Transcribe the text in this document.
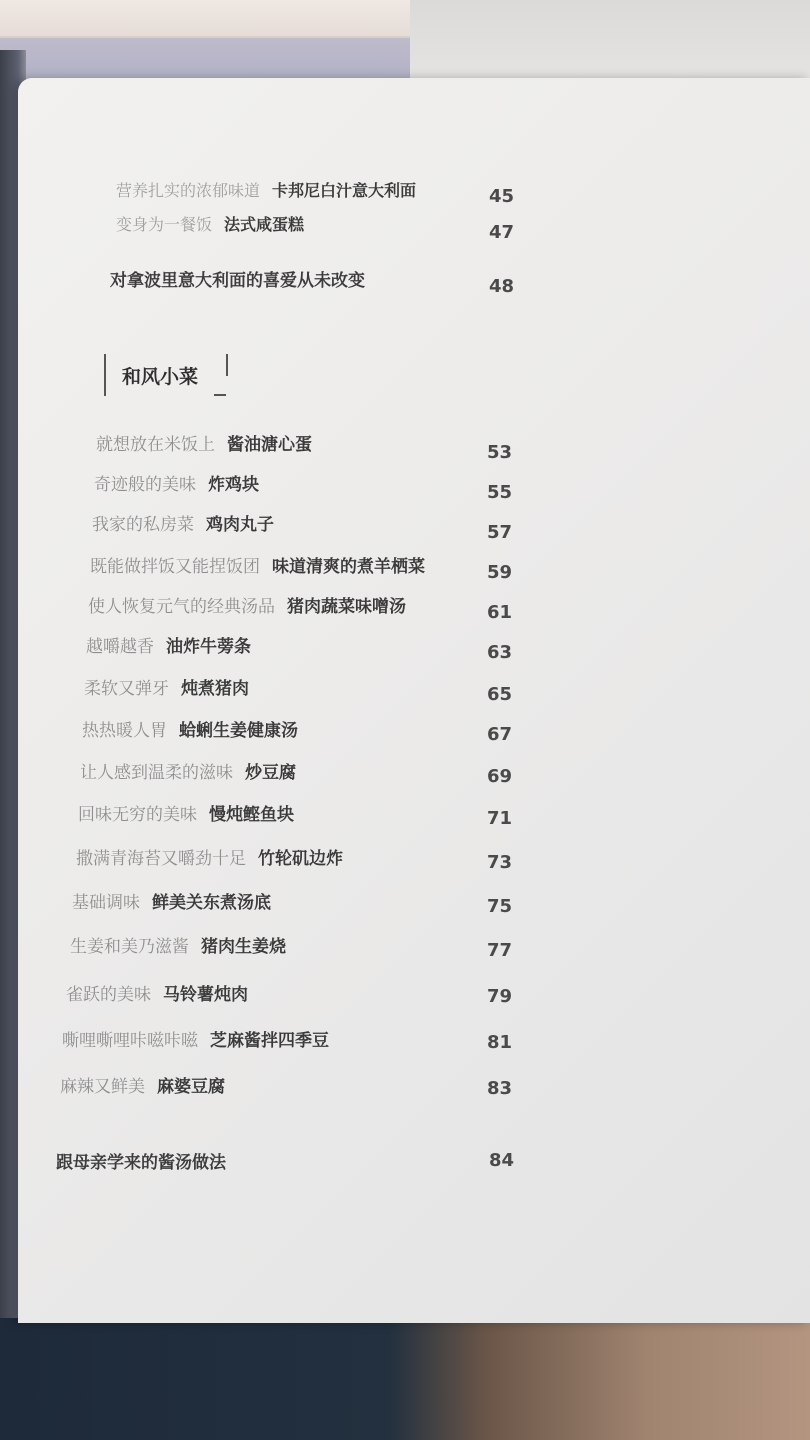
营养扎实的浓郁味道 卡邦尼白汁意大利面	45
变身为一餐饭 法式咸蛋糕	47
对拿波里意大利面的喜爱从未改变	48
和风小菜
就想放在米饭上 酱油溏心蛋	53
奇迹般的美味 炸鸡块	55
我家的私房菜 鸡肉丸子	57
既能做拌饭又能捏饭团 味道清爽的煮羊栖菜	59
使人恢复元气的经典汤品 猪肉蔬菜味噌汤	61
越嚼越香 油炸牛蒡条	63
柔软又弹牙 炖煮猪肉	65
热热暖人胃 蛤蜊生姜健康汤	67
让人感到温柔的滋味 炒豆腐	69
回味无穷的美味 慢炖鲣鱼块	71
撒满青海苔又嚼劲十足 竹轮矶边炸	73
基础调味 鲜美关东煮汤底	75
生姜和美乃滋酱 猪肉生姜烧	77
雀跃的美味 马铃薯炖肉	79
嘶哩嘶哩咔嗞咔嗞 芝麻酱拌四季豆	81
麻辣又鲜美 麻婆豆腐	83
跟母亲学来的酱汤做法	84
